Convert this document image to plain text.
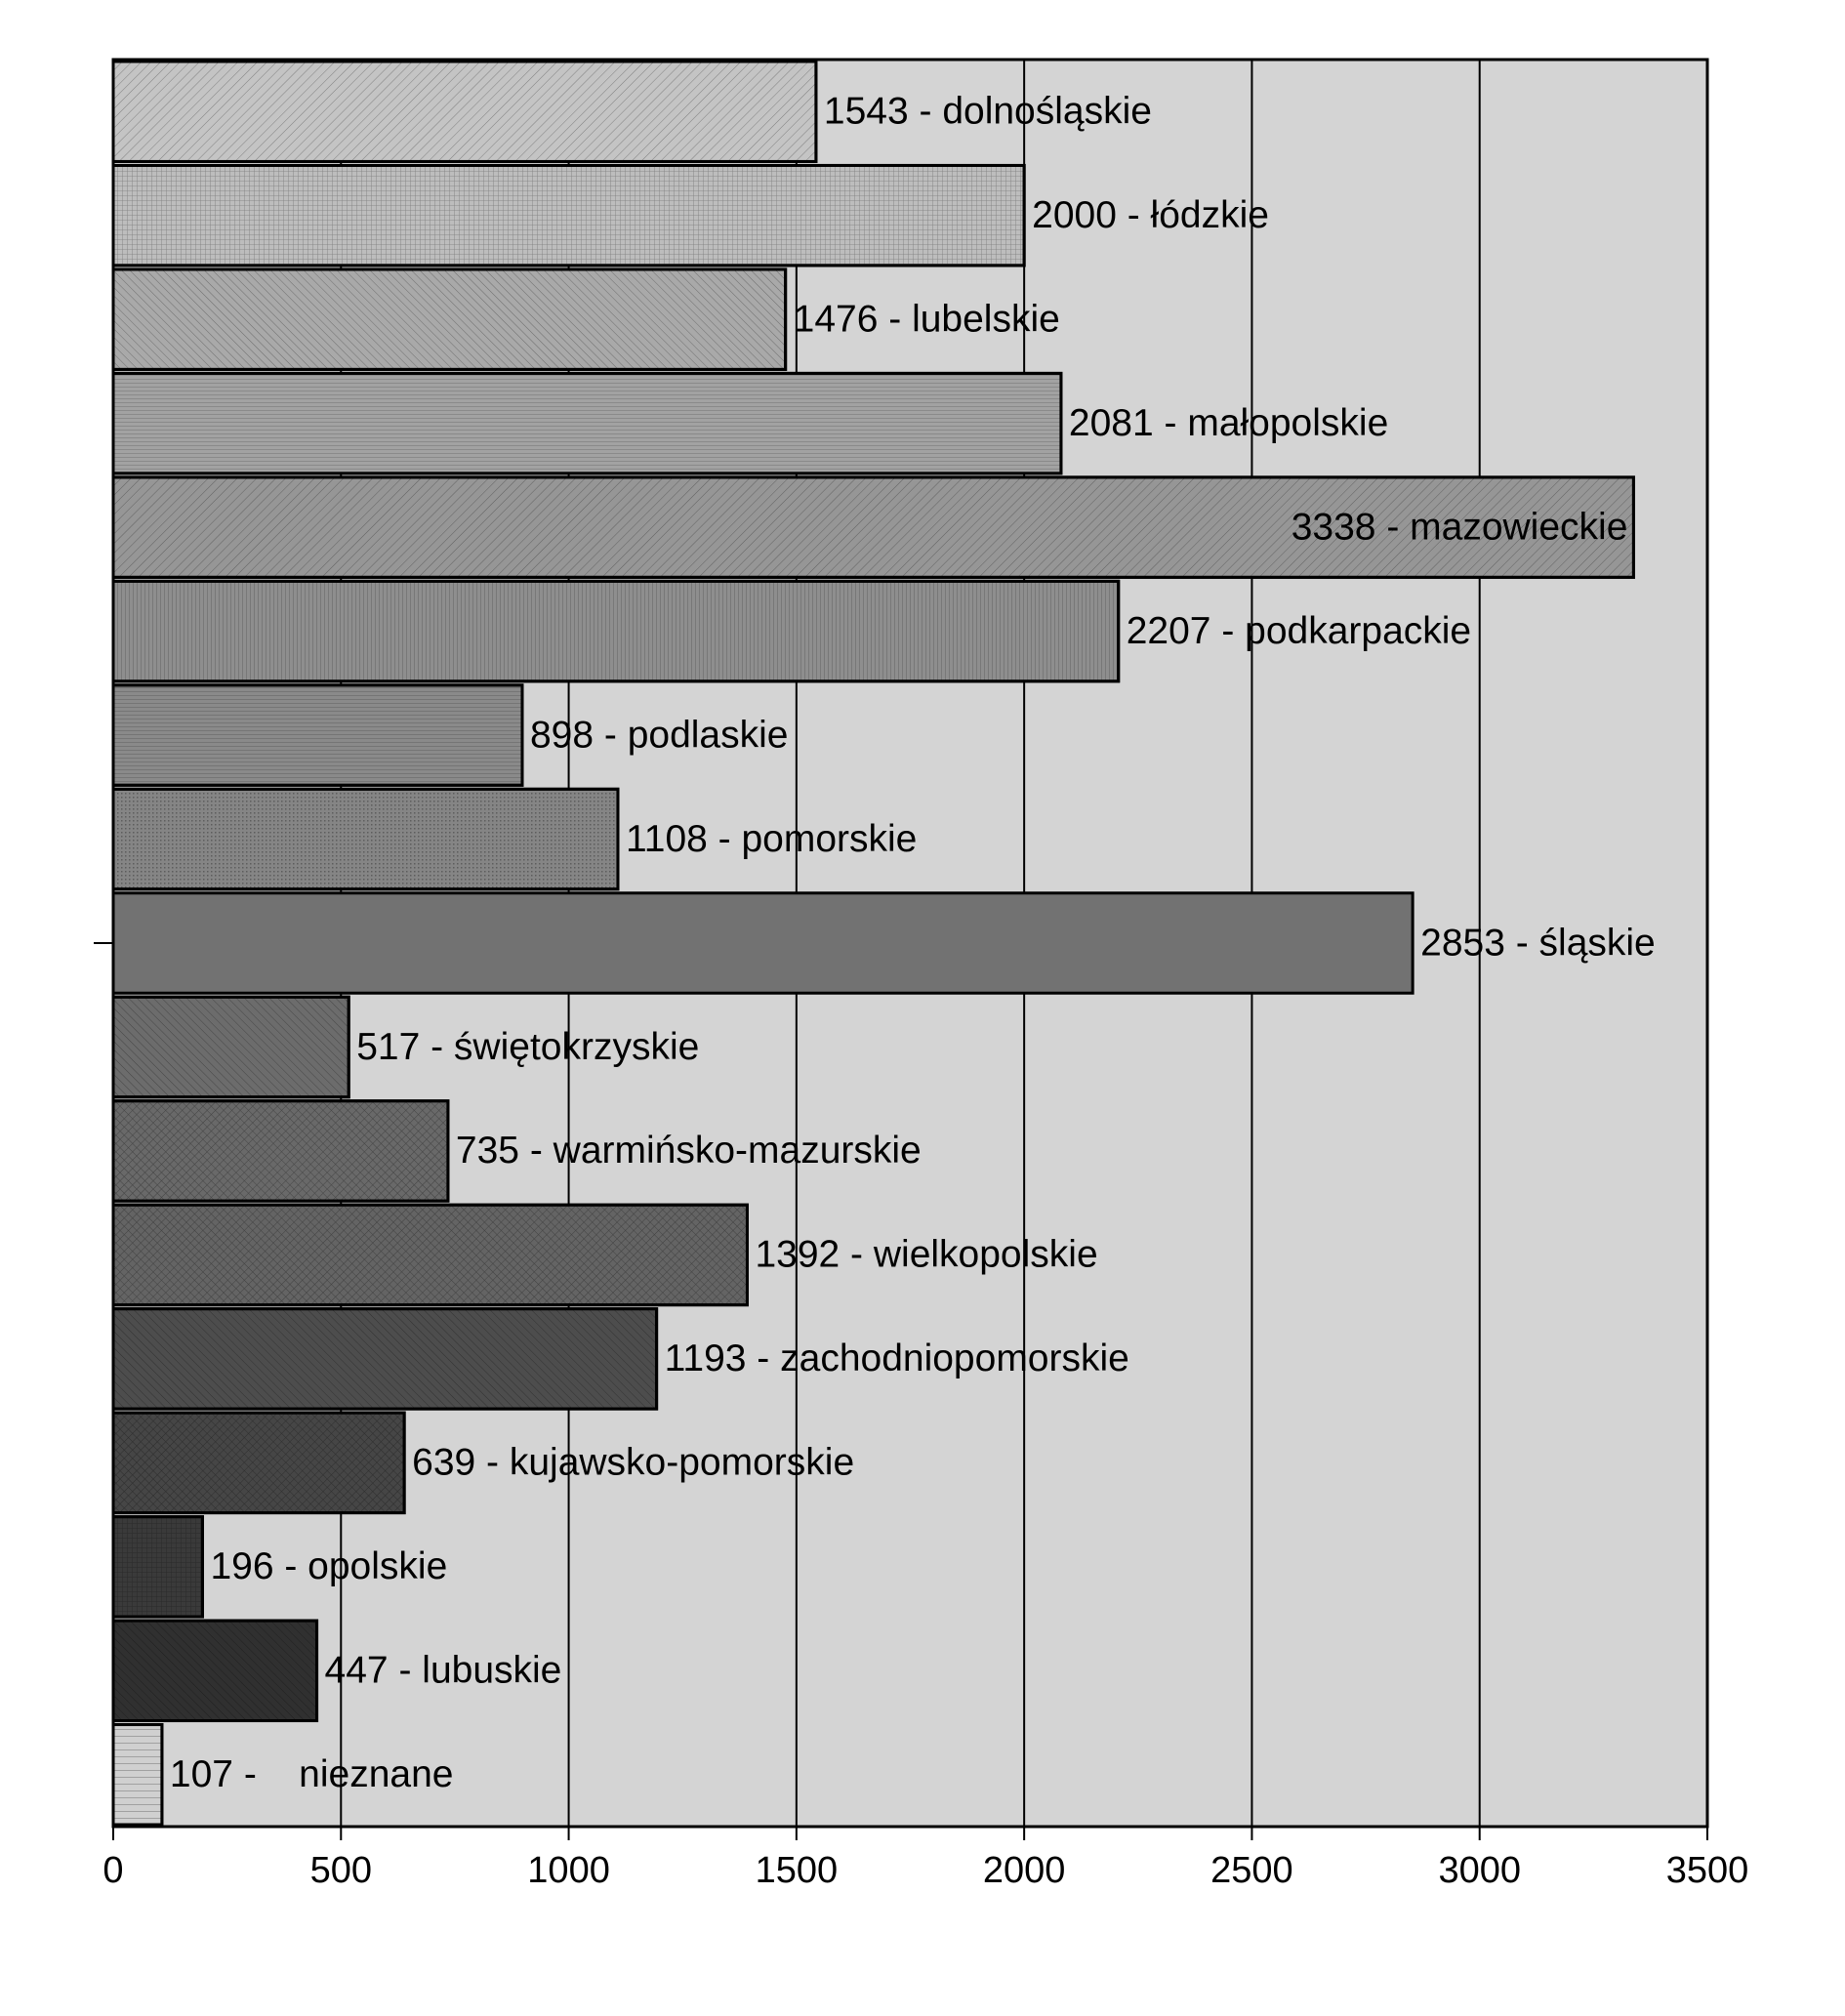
0	500	1000	1500	2000	2500	3000	3500
1543 - dolnośląskie
2000 - łódzkie
1476 - lubelskie
2081 - małopolskie
3338 - mazowieckie
2207 - podkarpackie
898 - podlaskie
1108 - pomorskie
2853 - śląskie
517 - świętokrzyskie
735 - warmińsko-mazurskie
1392 - wielkopolskie
1193 - zachodniopomorskie
639 - kujawsko-pomorskie
196 - opolskie
447 - lubuskie
107 -    nieznane
